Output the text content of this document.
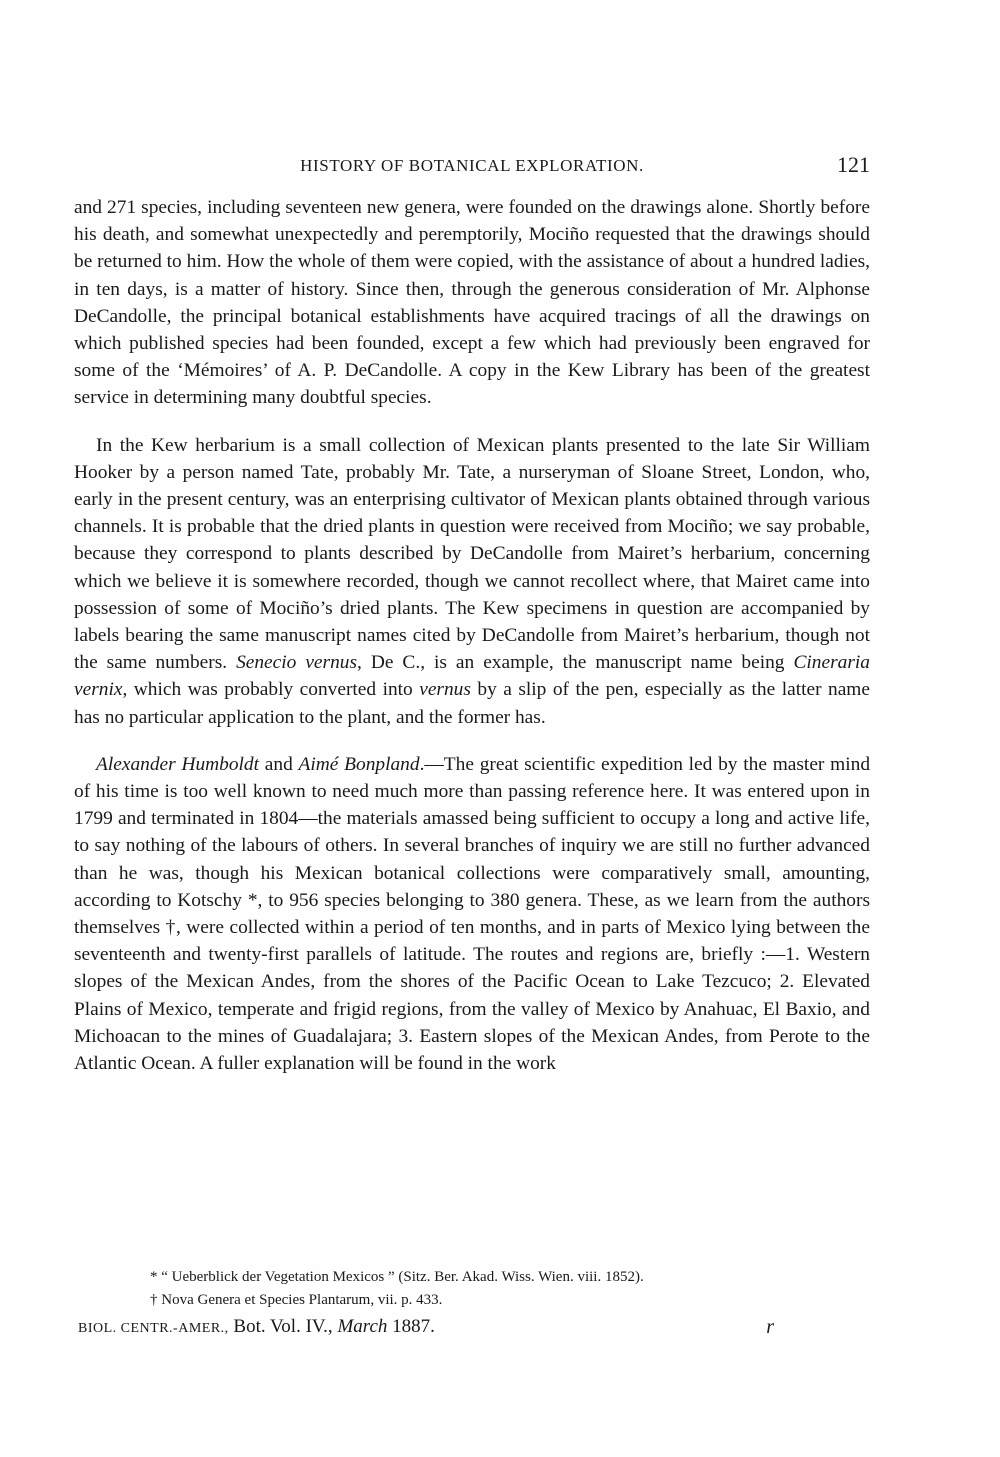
HISTORY OF BOTANICAL EXPLORATION.	121

and 271 species, including seventeen new genera, were founded on the drawings alone. Shortly before his death, and somewhat unexpectedly and peremptorily, Mociño requested that the drawings should be returned to him. How the whole of them were copied, with the assistance of about a hundred ladies, in ten days, is a matter of history. Since then, through the generous consideration of Mr. Alphonse DeCandolle, the principal botanical establishments have acquired tracings of all the drawings on which published species had been founded, except a few which had previously been engraved for some of the ‘Mémoires’ of A. P. DeCandolle. A copy in the Kew Library has been of the greatest service in determining many doubtful species.

In the Kew herbarium is a small collection of Mexican plants presented to the late Sir William Hooker by a person named Tate, probably Mr. Tate, a nurseryman of Sloane Street, London, who, early in the present century, was an enterprising cultivator of Mexican plants obtained through various channels. It is probable that the dried plants in question were received from Mociño; we say probable, because they correspond to plants described by DeCandolle from Mairet’s herbarium, concerning which we believe it is somewhere recorded, though we cannot recollect where, that Mairet came into possession of some of Mociño’s dried plants. The Kew specimens in question are accompanied by labels bearing the same manuscript names cited by DeCandolle from Mairet’s herbarium, though not the same numbers. Senecio vernus, De C., is an example, the manuscript name being Cineraria vernix, which was probably converted into vernus by a slip of the pen, especially as the latter name has no particular application to the plant, and the former has.

Alexander Humboldt and Aimé Bonpland.—The great scientific expedition led by the master mind of his time is too well known to need much more than passing reference here. It was entered upon in 1799 and terminated in 1804—the materials amassed being sufficient to occupy a long and active life, to say nothing of the labours of others. In several branches of inquiry we are still no further advanced than he was, though his Mexican botanical collections were comparatively small, amounting, according to Kotschy *, to 956 species belonging to 380 genera. These, as we learn from the authors themselves †, were collected within a period of ten months, and in parts of Mexico lying between the seventeenth and twenty-first parallels of latitude. The routes and regions are, briefly :—1. Western slopes of the Mexican Andes, from the shores of the Pacific Ocean to Lake Tezcuco; 2. Elevated Plains of Mexico, temperate and frigid regions, from the valley of Mexico by Anahuac, El Baxio, and Michoacan to the mines of Guadalajara; 3. Eastern slopes of the Mexican Andes, from Perote to the Atlantic Ocean. A fuller explanation will be found in the work

* “ Ueberblick der Vegetation Mexicos ” (Sitz. Ber. Akad. Wiss. Wien. viii. 1852).
† Nova Genera et Species Plantarum, vii. p. 433.
BIOL. CENTR.-AMER., Bot. Vol. IV., March 1887.	r
